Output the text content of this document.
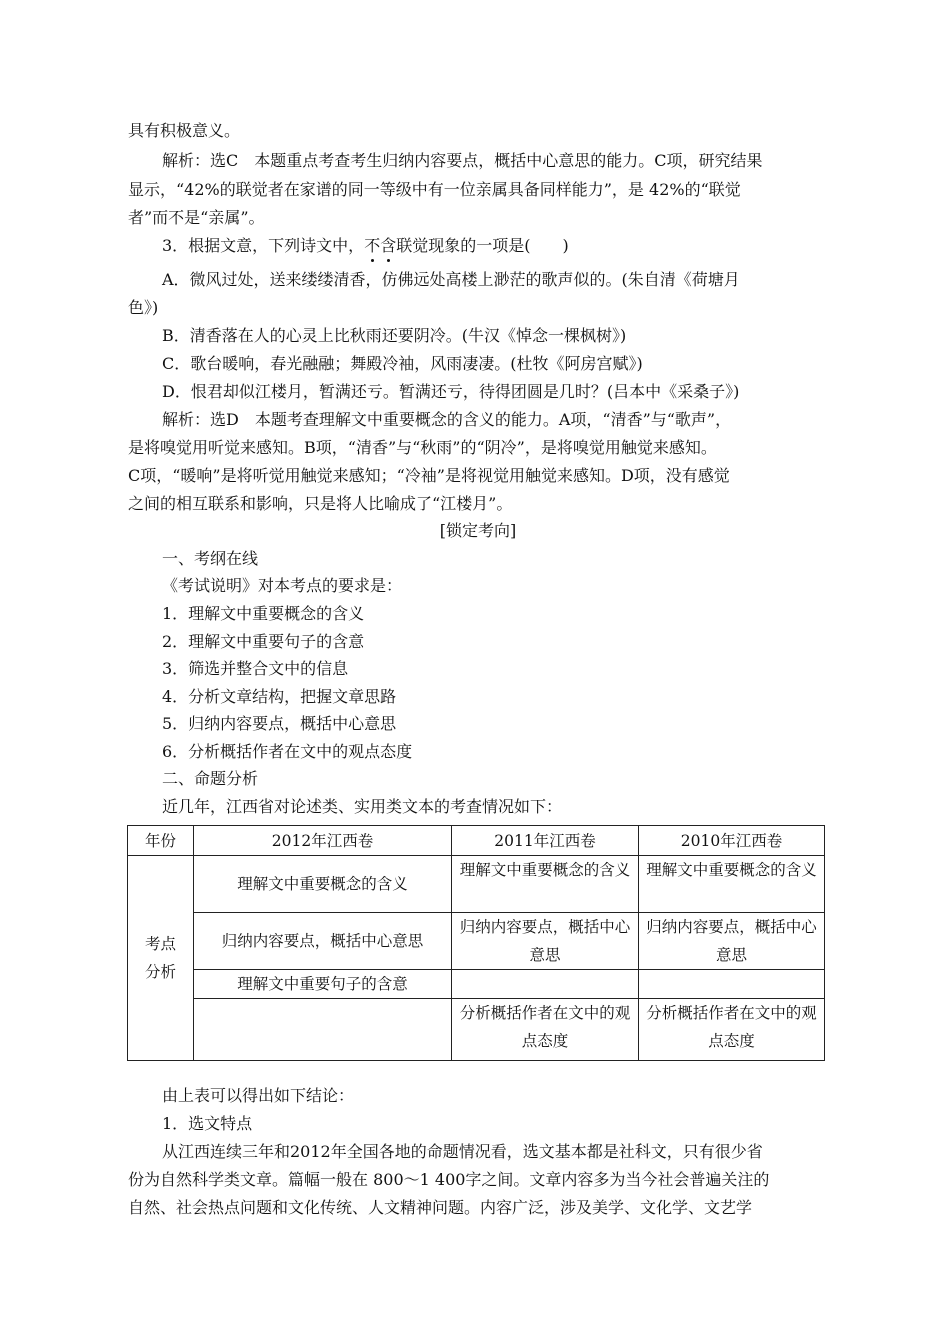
具有积极意义。
解析：选C　本题重点考查考生归纳内容要点，概括中心意思的能力。C项，研究结果
显示，“42%的联觉者在家谱的同一等级中有一位亲属具备同样能力”，是 42%的“联觉
者”而不是“亲属”。
3．根据文意，下列诗文中，不含联觉现象的一项是(　　)
A．微风过处，送来缕缕清香，仿佛远处高楼上渺茫的歌声似的。(朱自清《荷塘月
色》)
B．清香落在人的心灵上比秋雨还要阴冷。(牛汉《悼念一棵枫树》)
C．歌台暖响，春光融融；舞殿冷袖，风雨凄凄。(杜牧《阿房宫赋》)
D．恨君却似江楼月，暂满还亏。暂满还亏，待得团圆是几时？(吕本中《采桑子》)
解析：选D　本题考查理解文中重要概念的含义的能力。A项，“清香”与“歌声”，
是将嗅觉用听觉来感知。B项，“清香”与“秋雨”的“阴冷”，是将嗅觉用触觉来感知。
C项，“暖响”是将听觉用触觉来感知；“冷袖”是将视觉用触觉来感知。D项，没有感觉
之间的相互联系和影响，只是将人比喻成了“江楼月”。
[锁定考向]
一、考纲在线
《考试说明》对本考点的要求是：
1．理解文中重要概念的含义
2．理解文中重要句子的含意
3．筛选并整合文中的信息
4．分析文章结构，把握文章思路
5．归纳内容要点，概括中心意思
6．分析概括作者在文中的观点态度
二、命题分析
近几年，江西省对论述类、实用类文本的考查情况如下：
年份	2012年江西卷	2011年江西卷	2010年江西卷

考点分析	理解文中重要概念的含义	理解文中重要概念的含义	理解文中重要概念的含义
	归纳内容要点，概括中心意思	归纳内容要点，概括中心意思	归纳内容要点，概括中心意思
	理解文中重要句子的含意		
		分析概括作者在文中的观点态度	分析概括作者在文中的观点态度
由上表可以得出如下结论：
1．选文特点
从江西连续三年和2012年全国各地的命题情况看，选文基本都是社科文，只有很少省
份为自然科学类文章。篇幅一般在 800～1 400字之间。文章内容多为当今社会普遍关注的
自然、社会热点问题和文化传统、人文精神问题。内容广泛，涉及美学、文化学、文艺学
